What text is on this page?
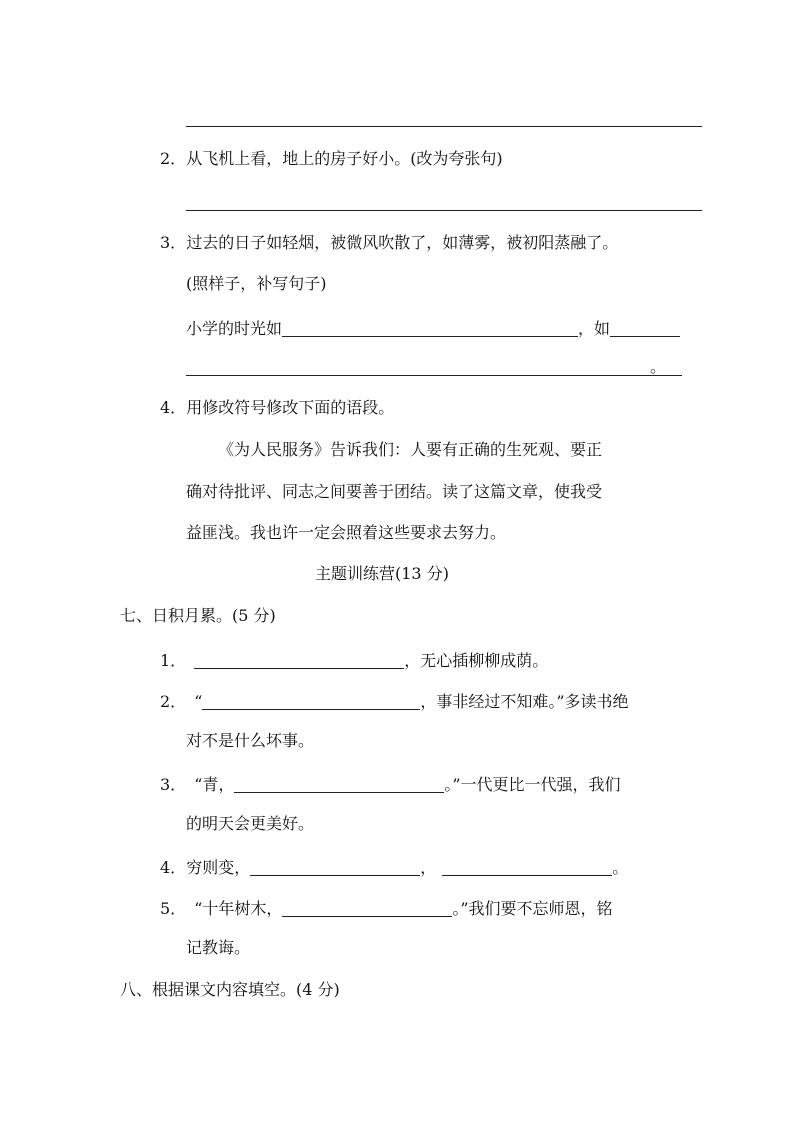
2．从飞机上看，地上的房子好小。(改为夸张句)
3．过去的日子如轻烟，被微风吹散了，如薄雾，被初阳蒸融了。
(照样子，补写句子)
小学的时光如	，如
。
4．用修改符号修改下面的语段。
《为人民服务》告诉我们：人要有正确的生死观、要正
确对待批评、同志之间要善于团结。读了这篇文章，使我受
益匪浅。我也许一定会照着这些要求去努力。
主题训练营(13 分)
七、日积月累。(5 分)
1．	，无心插柳柳成荫。
2． “	，事非经过不知难。”多读书绝
对不是什么坏事。
3． “青，	。”一代更比一代强，我们
的明天会更美好。
4．穷则变，	，	。
5． “十年树木，	。”我们要不忘师恩，铭
记教诲。
八、根据课文内容填空。(4 分)
